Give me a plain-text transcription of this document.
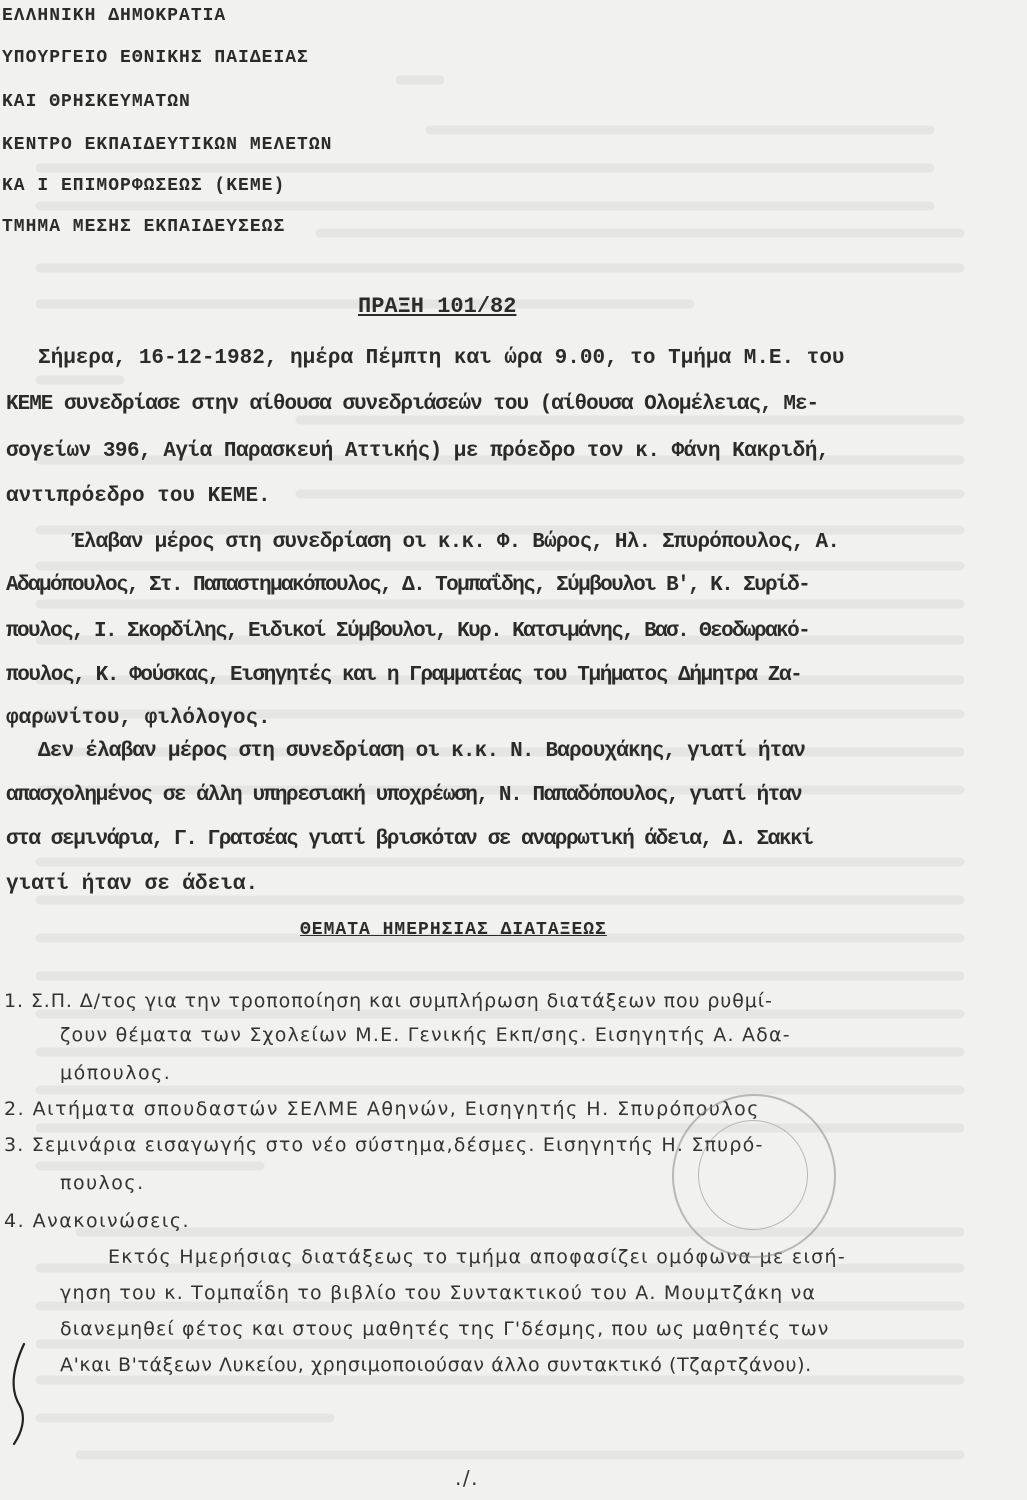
ΕΛΛΗΝΙΚΗ ΔΗΜΟΚΡΑΤΙΑ
ΥΠΟΥΡΓΕΙΟ ΕΘΝΙΚΗΣ ΠΑΙΔΕΙΑΣ
ΚΑΙ ΘΡΗΣΚΕΥΜΑΤΩΝ
ΚΕΝΤΡΟ ΕΚΠΑΙΔΕΥΤΙΚΩΝ ΜΕΛΕΤΩΝ
ΚΑ Ι ΕΠΙΜΟΡΦΩΣΕΩΣ (ΚΕΜΕ)
ΤΜΗΜΑ ΜΕΣΗΣ ΕΚΠΑΙΔΕΥΣΕΩΣ
ΠΡΑΞΗ 101/82
Σήμερα, 16-12-1982, ημέρα Πέμπτη και ώρα 9.00, το Τμήμα Μ.Ε. του
ΚΕΜΕ συνεδρίασε στην αίθουσα συνεδριάσεών του (αίθουσα Ολομέλειας, Με-
σογείων 396, Αγία Παρασκευή Αττικής) με πρόεδρο τον κ. Φάνη Κακριδή,
αντιπρόεδρο του ΚΕΜΕ.
Έλαβαν μέρος στη συνεδρίαση οι κ.κ. Φ. Βώρος, Ηλ. Σπυρόπουλος, Α.
Αδαμόπουλος, Στ. Παπαστημακόπουλος, Δ. Τομπαΐδης, Σύμβουλοι Β', Κ. Συρίδ-
πουλος, Ι. Σκορδίλης, Ειδικοί Σύμβουλοι, Κυρ. Κατσιμάνης, Βασ. Θεοδωρακό-
πουλος, Κ. Φούσκας, Εισηγητές και η Γραμματέας του Τμήματος Δήμητρα Ζα-
φαρωνίτου, φιλόλογος.
Δεν έλαβαν μέρος στη συνεδρίαση οι κ.κ. Ν. Βαρουχάκης, γιατί ήταν
απασχολημένος σε άλλη υπηρεσιακή υποχρέωση, Ν. Παπαδόπουλος, γιατί ήταν
στα σεμινάρια, Γ. Γρατσέας γιατί βρισκόταν σε αναρρωτική άδεια, Δ. Σακκί
γιατί ήταν σε άδεια.
ΘΕΜΑΤΑ ΗΜΕΡΗΣΙΑΣ ΔΙΑΤΑΞΕΩΣ
1. Σ.Π. Δ/τος για την τροποποίηση και συμπλήρωση διατάξεων που ρυθμί-
ζουν θέματα των Σχολείων Μ.Ε. Γενικής Εκπ/σης. Εισηγητής Α. Αδα-
μόπουλος.
2. Αιτήματα σπουδαστών ΣΕΛΜΕ Αθηνών, Εισηγητής Η. Σπυρόπουλος
3. Σεμινάρια εισαγωγής στο νέο σύστημα,δέσμες. Εισηγητής Η. Σπυρό-
πουλος.
4. Ανακοινώσεις.
Εκτός Ημερήσιας διατάξεως το τμήμα αποφασίζει ομόφωνα με εισή-
γηση του κ. Τομπαΐδη το βιβλίο του Συντακτικού του Α. Μουμτζάκη να
διανεμηθεί φέτος και στους μαθητές της Γ'δέσμης, που ως μαθητές των
Α'και Β'τάξεων Λυκείου, χρησιμοποιούσαν άλλο συντακτικό (Τζαρτζάνου).
./.
